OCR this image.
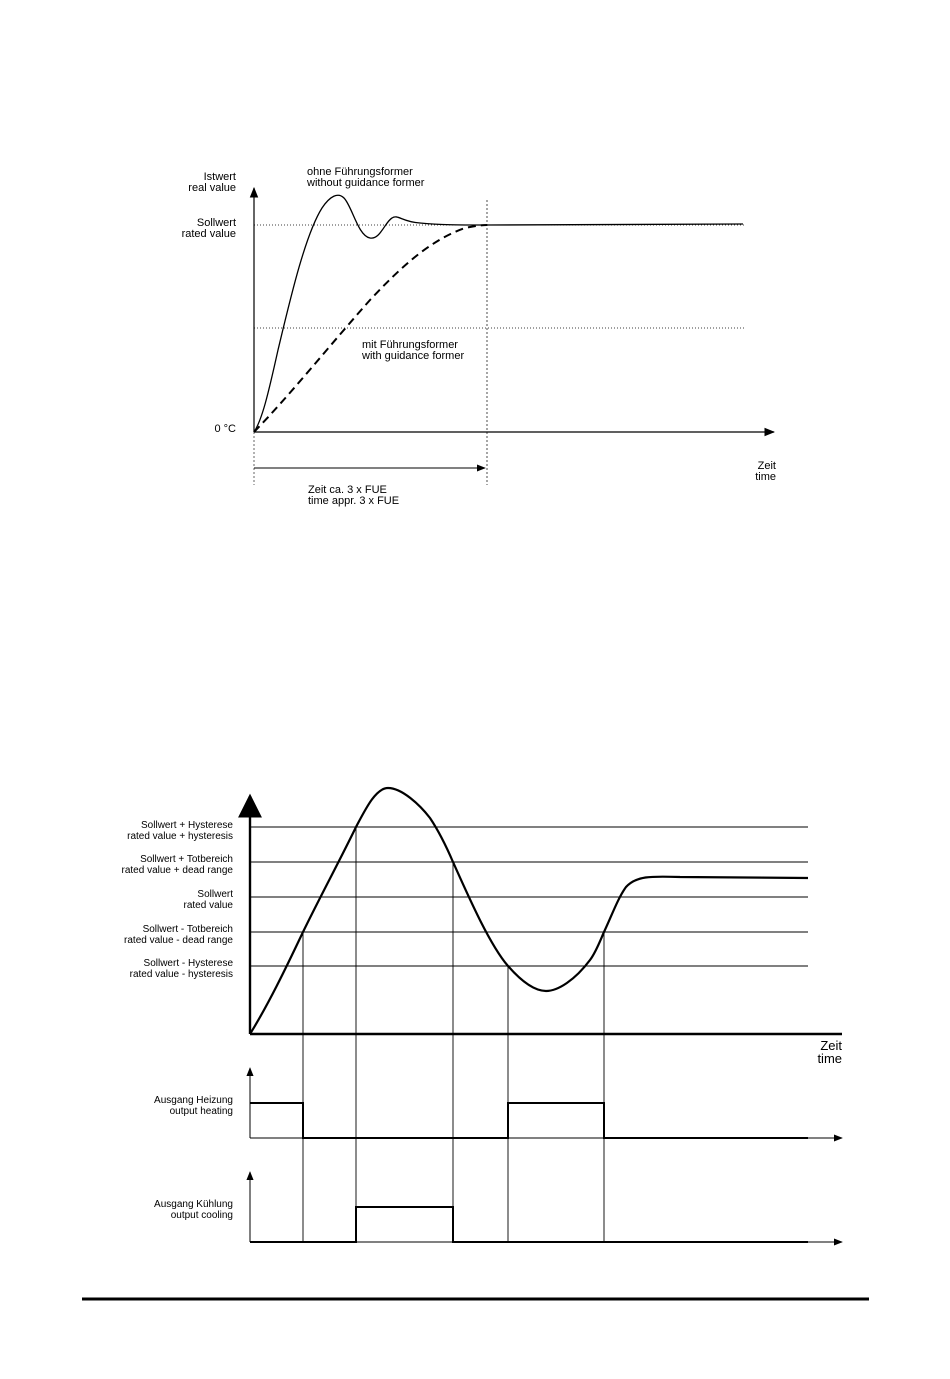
Istwert
real value
Sollwert
rated value
0 °C
ohne Führungsformer
without guidance former
mit Führungsformer
with guidance former
Zeit ca. 3 x FUE
time appr. 3 x FUE
Zeit
time
Sollwert + Hysterese
rated value + hysteresis
Sollwert + Totbereich
rated value + dead range
Sollwert
rated value
Sollwert - Totbereich
rated value - dead range
Sollwert - Hysterese
rated value - hysteresis
Zeit
time
Ausgang Heizung
output heating
Ausgang Kühlung
output cooling
